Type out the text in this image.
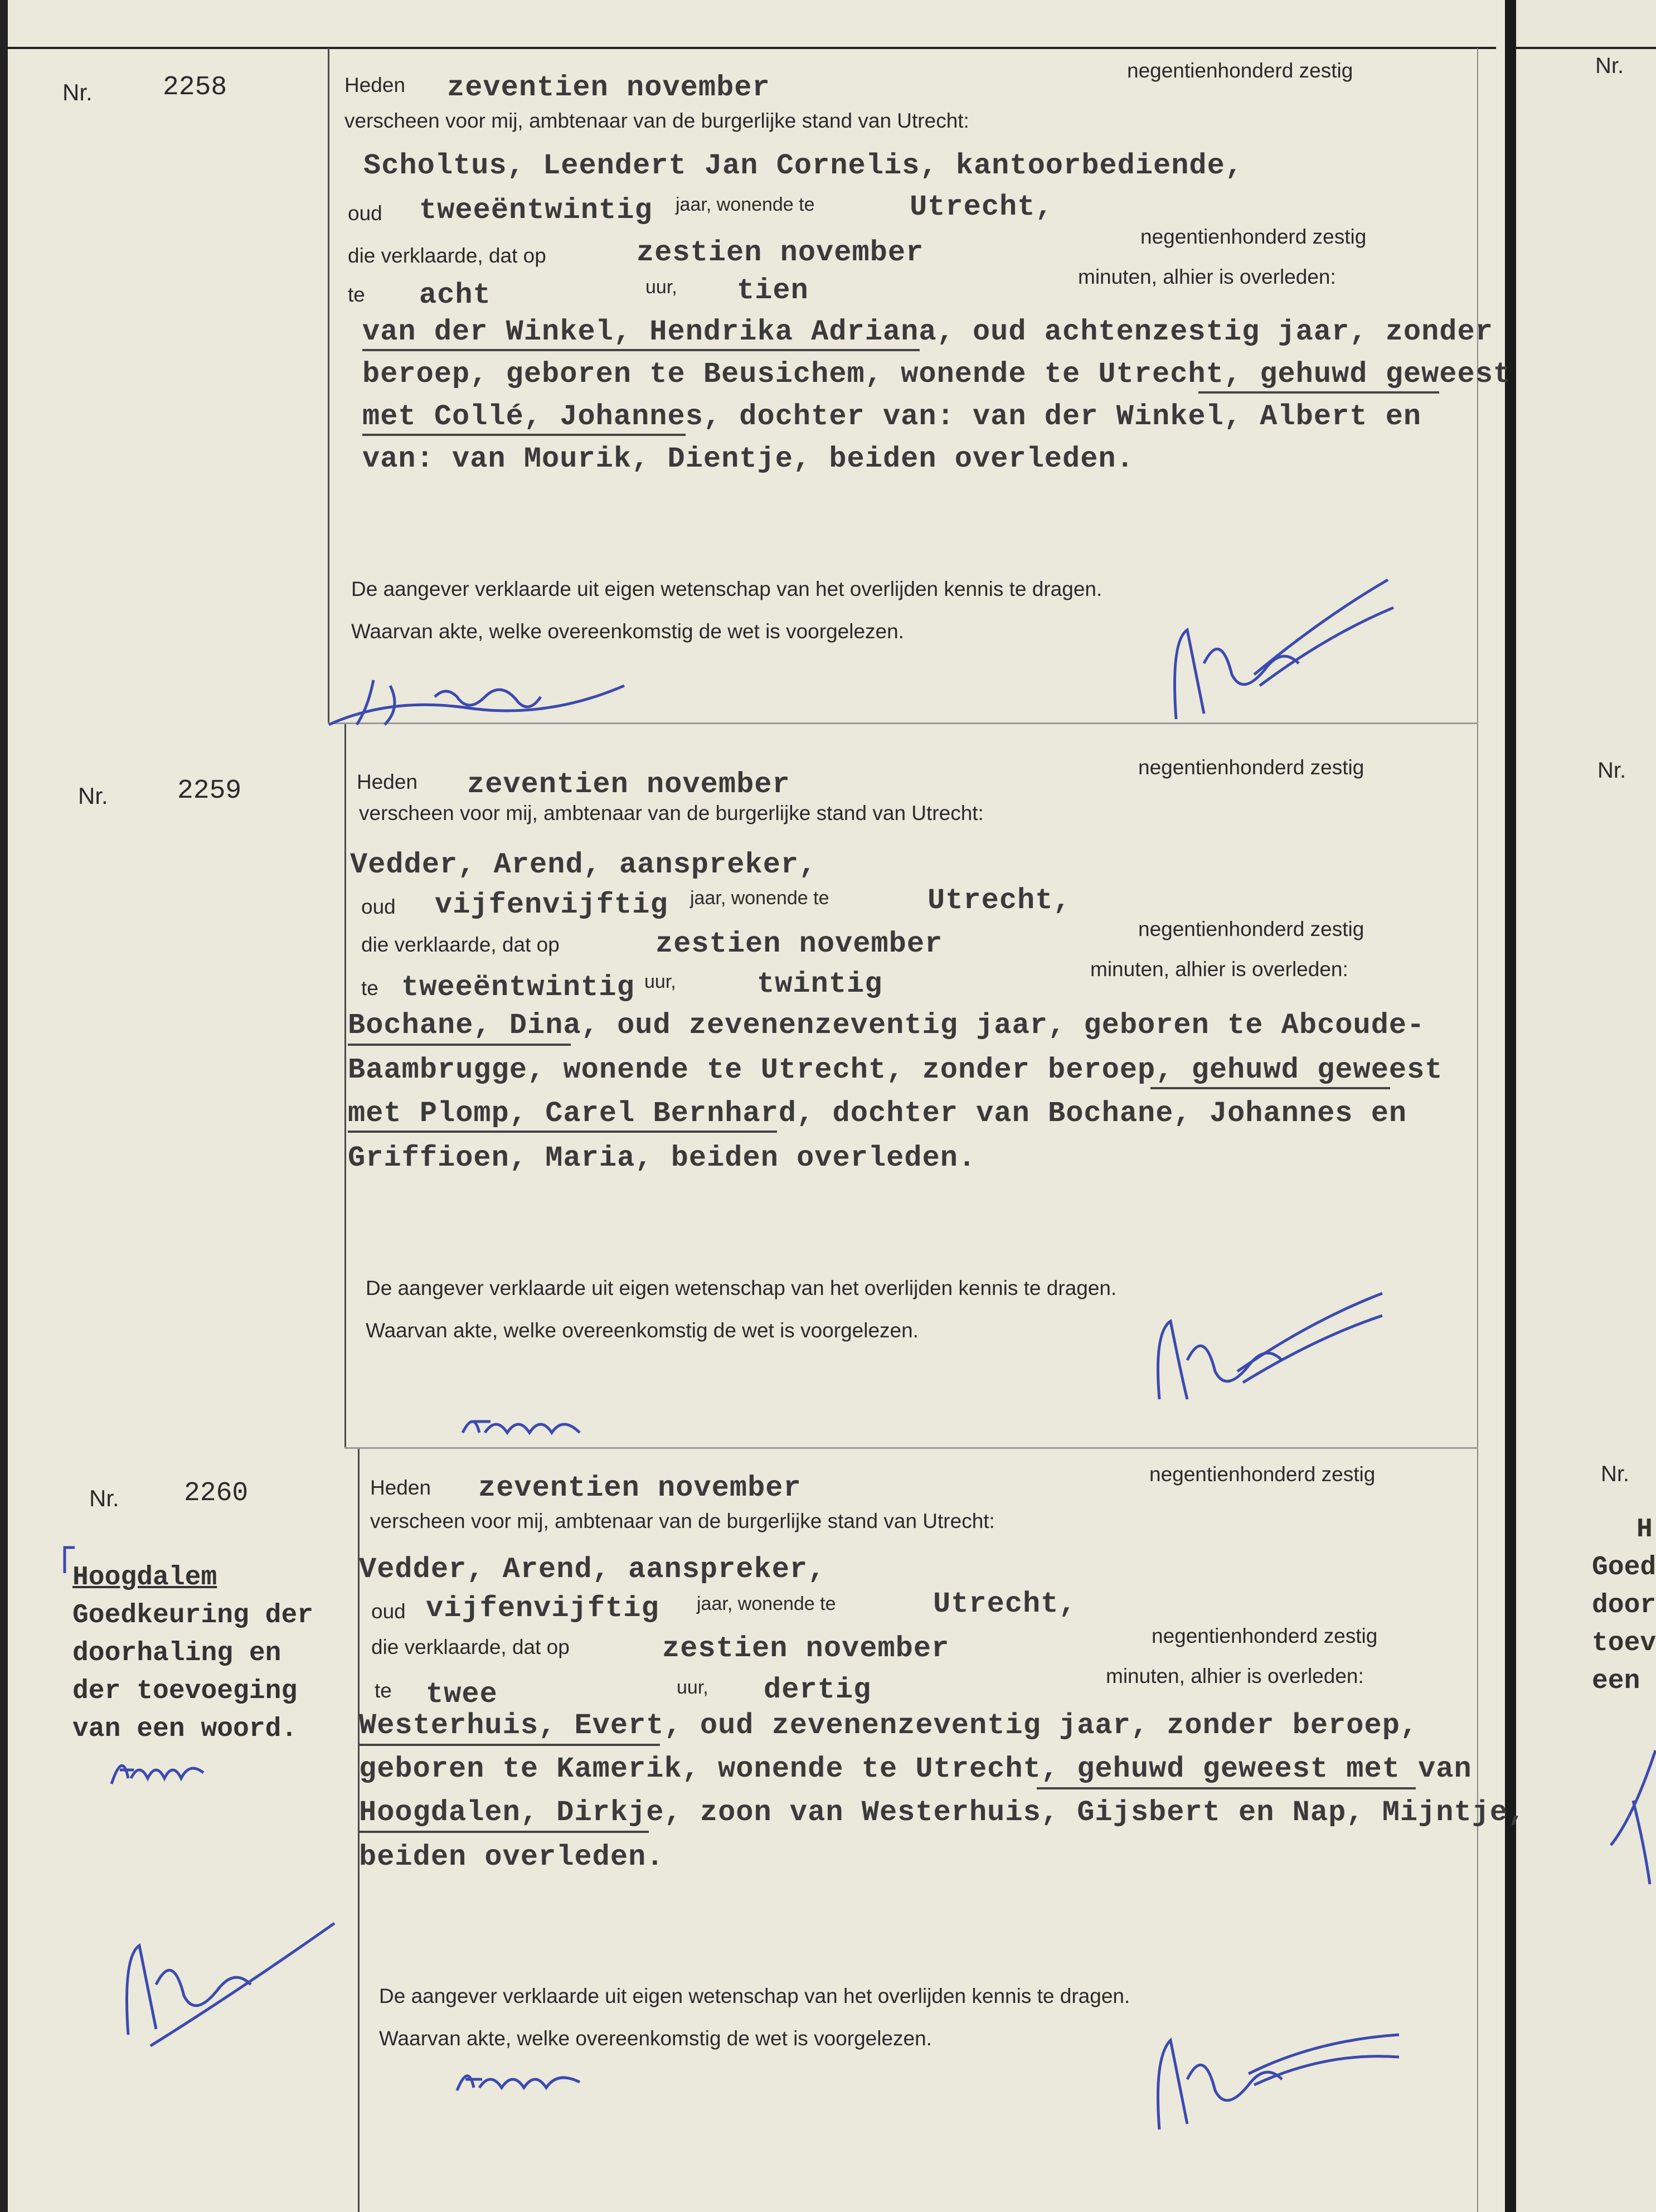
Nr.	2258	Heden zeventien november
negentienhonderd zestig
verscheen voor mij, ambtenaar van de burgerlijke stand van Utrecht:
Scholtus, Leendert Jan Cornelis, kantoorbediende,
oud tweeëntwintig jaar, wonende te	Utrecht,
die verklaarde, dat op	zestien november	negentienhonderd zestig
te acht	uur, tien	minuten, alhier is overleden:
van der Winkel, Hendrika Adriana, oud achtenzestig jaar, zonder
beroep, geboren te Beusichem, wonende te Utrecht, gehuwd geweest
met Collé, Johannes, dochter van: van der Winkel, Albert en
van: van Mourik, Dientje, beiden overleden.
De aangever verklaarde uit eigen wetenschap van het overlijden kennis te dragen.
Waarvan akte, welke overeenkomstig de wet is voorgelezen.
Nr.	2259	Heden zeventien november
negentienhonderd zestig
verscheen voor mij, ambtenaar van de burgerlijke stand van Utrecht:
Vedder, Arend, aanspreker,
oud vijfenvijftig jaar, wonende te	Utrecht,
die verklaarde, dat op	zestien november	negentienhonderd zestig
te tweeëntwintig uur,	twintig	minuten, alhier is overleden:
Bochane, Dina, oud zevenenzeventig jaar, geboren te Abcoude-
Baambrugge, wonende te Utrecht, zonder beroep, gehuwd geweest
met Plomp, Carel Bernhard, dochter van Bochane, Johannes en
Griffioen, Maria, beiden overleden.
De aangever verklaarde uit eigen wetenschap van het overlijden kennis te dragen.
Waarvan akte, welke overeenkomstig de wet is voorgelezen.
Nr. 2260	Heden zeventien november	negentienhonderd zestig
verscheen voor mij, ambtenaar van de burgerlijke stand van Utrecht:
Vedder, Arend, aanspreker,
oud vijfenvijftig jaar, wonende te	Utrecht,
die verklaarde, dat op	zestien november	negentienhonderd zestig
te twee	uur, dertig	minuten, alhier is overleden:
Westerhuis, Evert, oud zevenenzeventig jaar, zonder beroep,
geboren te Kamerik, wonende te Utrecht, gehuwd geweest met van
Hoogdalen, Dirkje, zoon van Westerhuis, Gijsbert en Nap, Mijntje,
beiden overleden.
De aangever verklaarde uit eigen wetenschap van het overlijden kennis te dragen.
Waarvan akte, welke overeenkomstig de wet is voorgelezen.
Hoogdalem
Goedkeuring der
doorhaling en
der toevoeging
van een woord.
Nr.
Nr.
Nr.
H
Goed
door
toev
een
